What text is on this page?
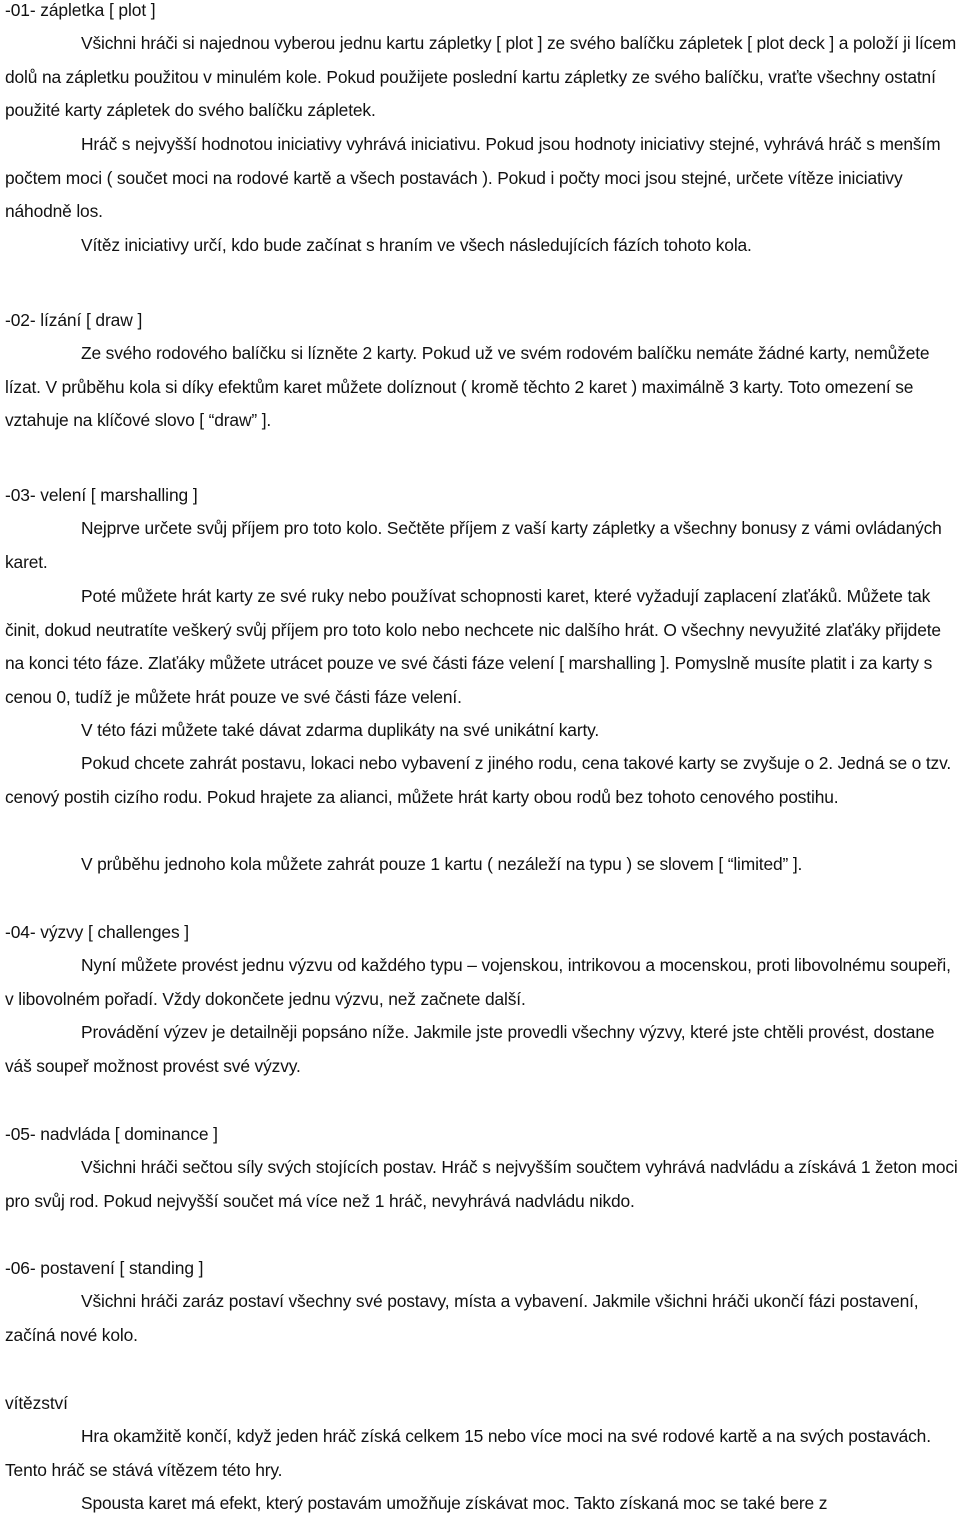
-01- zápletka [ plot ]
Všichni hráči si najednou vyberou jednu kartu zápletky [ plot ] ze svého balíčku zápletek [ plot deck ] a položí ji lícem dolů na zápletku použitou v minulém kole. Pokud použijete poslední kartu zápletky ze svého balíčku, vraťte všechny ostatní použité karty zápletek do svého balíčku zápletek.
Hráč s nejvyšší hodnotou iniciativy vyhrává iniciativu. Pokud jsou hodnoty iniciativy stejné, vyhrává hráč s menším počtem moci ( součet moci na rodové kartě a všech postavách ). Pokud i počty moci jsou stejné, určete vítěze iniciativy náhodně los.
Vítěz iniciativy určí, kdo bude začínat s hraním ve všech následujících fázích tohoto kola.
-02- lízání [ draw ]
Ze svého rodového balíčku si lízněte 2 karty. Pokud už ve svém rodovém balíčku nemáte žádné karty, nemůžete lízat. V průběhu kola si díky efektům karet můžete dolíznout ( kromě těchto 2 karet ) maximálně 3 karty. Toto omezení se vztahuje na klíčové slovo [ “draw” ].
-03- velení [ marshalling ]
Nejprve určete svůj příjem pro toto kolo. Sečtěte příjem z vaší karty zápletky a všechny bonusy z vámi ovládaných karet.
Poté můžete hrát karty ze své ruky nebo používat schopnosti karet, které vyžadují zaplacení zlaťáků. Můžete tak činit, dokud neutratíte veškerý svůj příjem pro toto kolo nebo nechcete nic dalšího hrát. O všechny nevyužité zlaťáky přijdete na konci této fáze. Zlaťáky můžete utrácet pouze ve své části fáze velení [ marshalling ]. Pomyslně musíte platit i za karty s cenou 0, tudíž je můžete hrát pouze ve své části fáze velení.
V této fázi můžete také dávat zdarma duplikáty na své unikátní karty.
Pokud chcete zahrát postavu, lokaci nebo vybavení z jiného rodu, cena takové karty se zvyšuje o 2. Jedná se o tzv. cenový postih cizího rodu. Pokud hrajete za alianci, můžete hrát karty obou rodů bez tohoto cenového postihu.
V průběhu jednoho kola můžete zahrát pouze 1 kartu ( nezáleží na typu ) se slovem [ “limited” ].
-04- výzvy [ challenges ]
Nyní můžete provést jednu výzvu od každého typu – vojenskou, intrikovou a mocenskou, proti libovolnému soupeři, v libovolném pořadí. Vždy dokončete jednu výzvu, než začnete další.
Provádění výzev je detailněji popsáno níže. Jakmile jste provedli všechny výzvy, které jste chtěli provést, dostane váš soupeř možnost provést své výzvy.
-05- nadvláda [ dominance ]
Všichni hráči sečtou síly svých stojících postav. Hráč s nejvyšším součtem vyhrává nadvládu a získává 1 žeton moci pro svůj rod. Pokud nejvyšší součet má více než 1 hráč, nevyhrává nadvládu nikdo.
-06- postavení [ standing ]
Všichni hráči zaráz postaví všechny své postavy, místa a vybavení. Jakmile všichni hráči ukončí fázi postavení, začíná nové kolo.
vítězství
Hra okamžitě končí, když jeden hráč získá celkem 15 nebo více moci na své rodové kartě a na svých postavách. Tento hráč se stává vítězem této hry.
Spousta karet má efekt, který postavám umožňuje získávat moc. Takto získaná moc se také bere z
